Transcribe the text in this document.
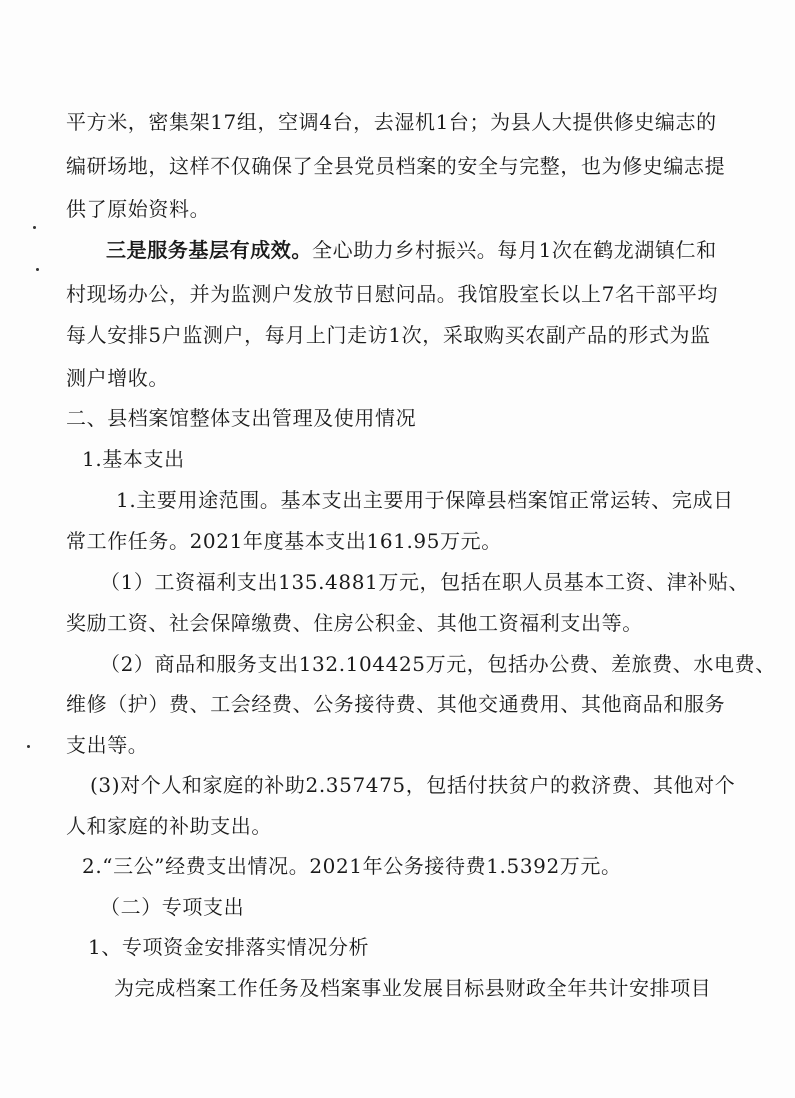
平方米，密集架17组，空调4台，去湿机1台；为县人大提供修史编志的
编研场地，这样不仅确保了全县党员档案的安全与完整，也为修史编志提
供了原始资料。
三是服务基层有成效。全心助力乡村振兴。每月1次在鹤龙湖镇仁和
村现场办公，并为监测户发放节日慰问品。我馆股室长以上7名干部平均
每人安排5户监测户，每月上门走访1次，采取购买农副产品的形式为监
测户增收。
二、县档案馆整体支出管理及使用情况
1.基本支出
1.主要用途范围。基本支出主要用于保障县档案馆正常运转、完成日
常工作任务。2021年度基本支出161.95万元。
（1）工资福利支出135.4881万元，包括在职人员基本工资、津补贴、
奖励工资、社会保障缴费、住房公积金、其他工资福利支出等。
（2）商品和服务支出132.104425万元，包括办公费、差旅费、水电费、
维修（护）费、工会经费、公务接待费、其他交通费用、其他商品和服务
支出等。
(3)对个人和家庭的补助2.357475，包括付扶贫户的救济费、其他对个
人和家庭的补助支出。
2.“三公”经费支出情况。2021年公务接待费1.5392万元。
（二）专项支出
1、专项资金安排落实情况分析
为完成档案工作任务及档案事业发展目标县财政全年共计安排项目
